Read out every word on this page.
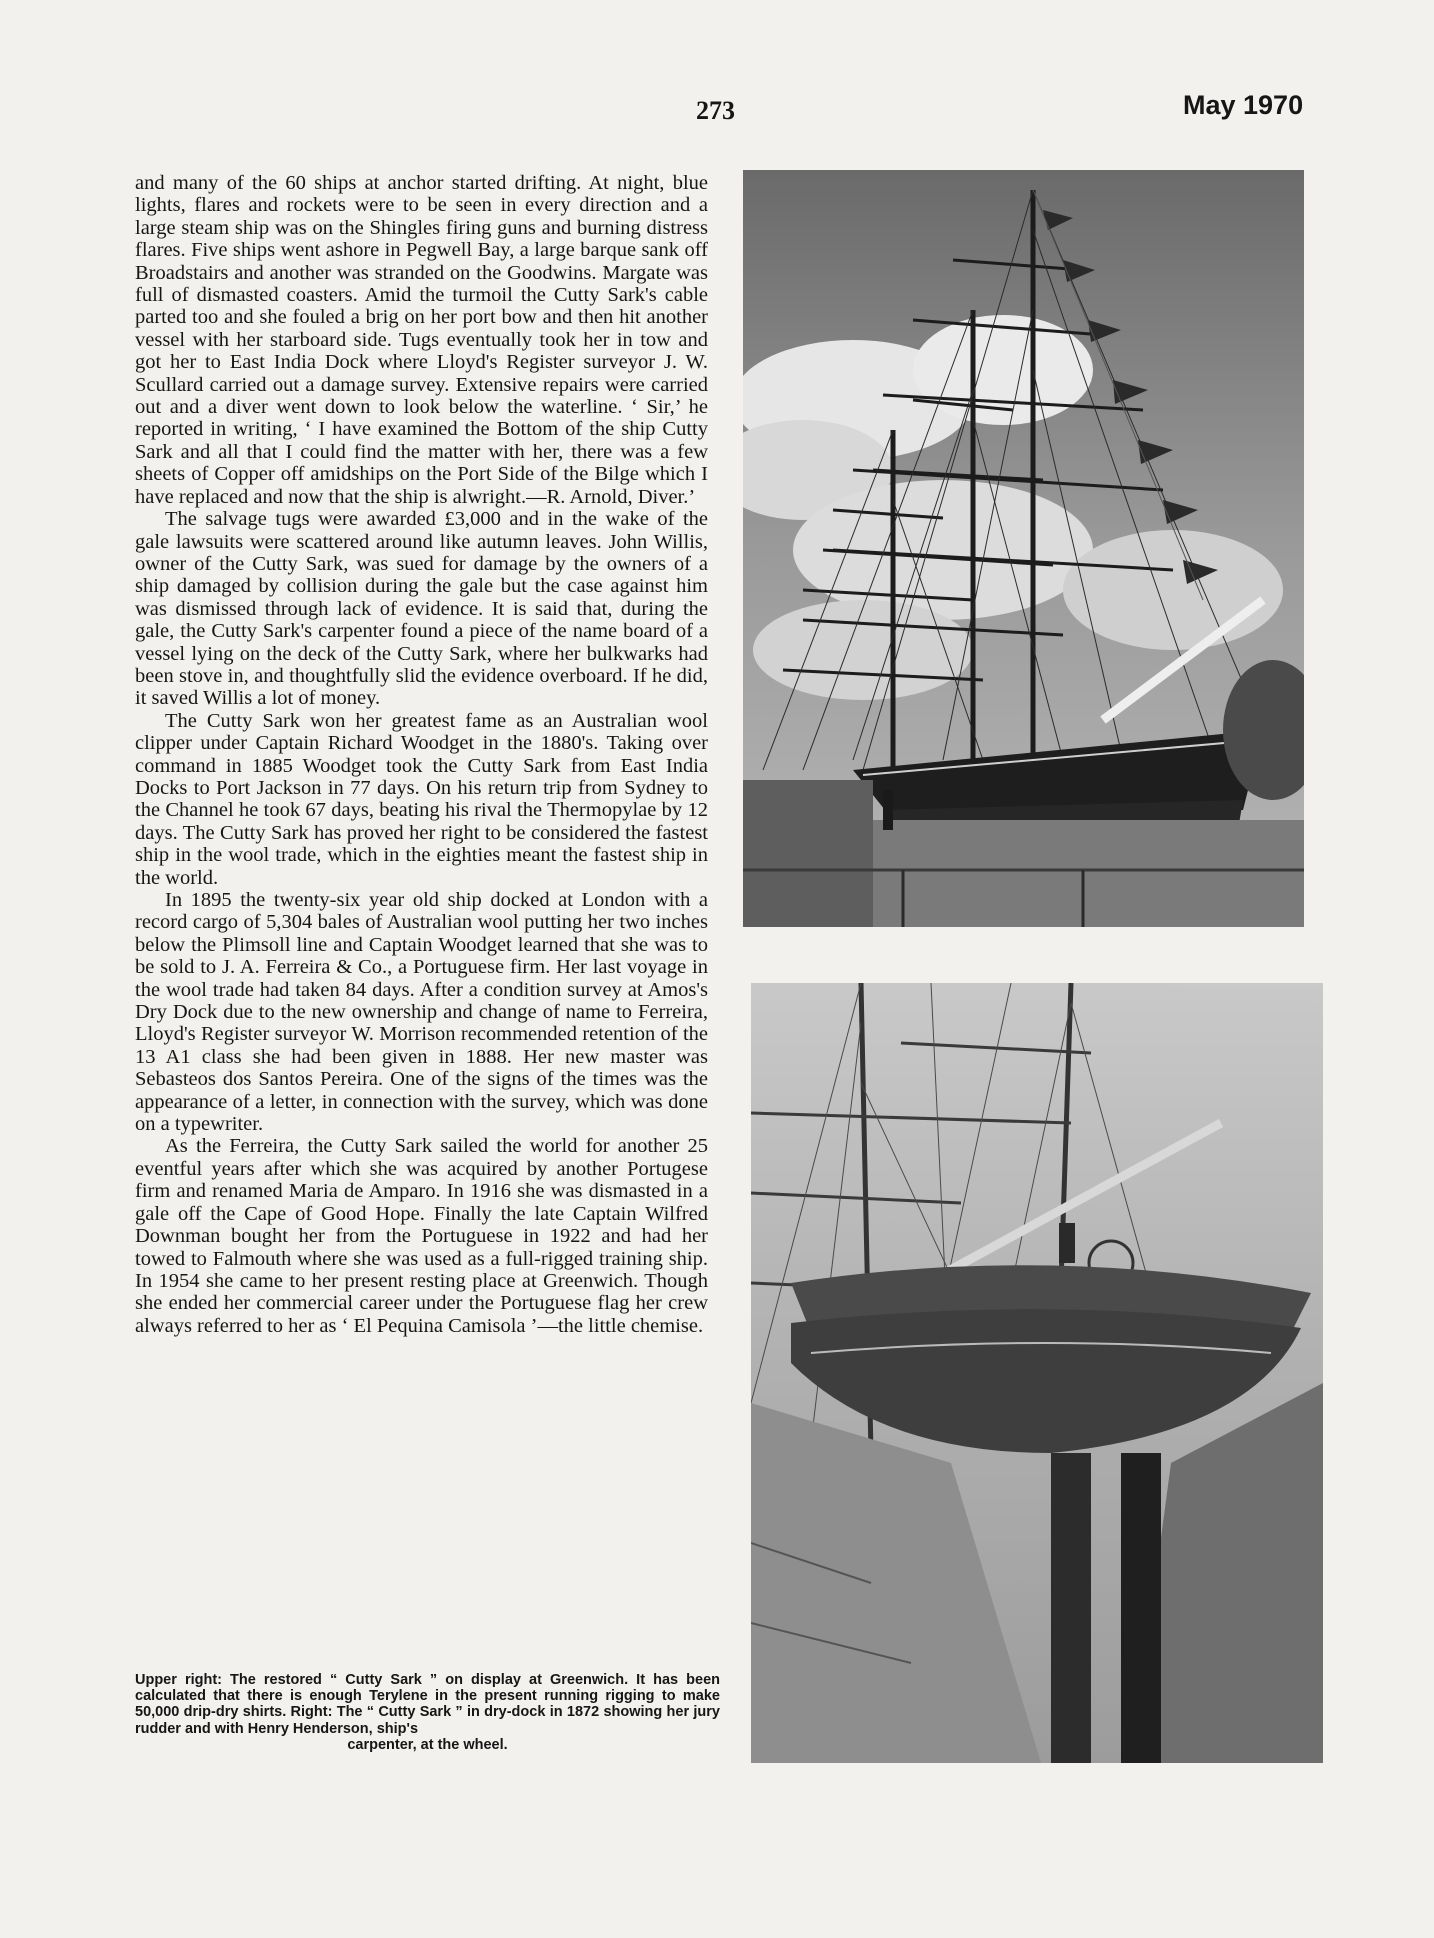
273	May 1970

and many of the 60 ships at anchor started drifting. At night, blue lights, flares and rockets were to be seen in every direction and a large steam ship was on the Shingles firing guns and burning distress flares. Five ships went ashore in Pegwell Bay, a large barque sank off Broadstairs and another was stranded on the Goodwins. Margate was full of dismasted coasters. Amid the turmoil the Cutty Sark's cable parted too and she fouled a brig on her port bow and then hit another vessel with her starboard side. Tugs eventually took her in tow and got her to East India Dock where Lloyd's Register surveyor J. W. Scullard carried out a damage survey. Extensive repairs were carried out and a diver went down to look below the waterline. ‘ Sir,’ he reported in writing, ‘ I have examined the Bottom of the ship Cutty Sark and all that I could find the matter with her, there was a few sheets of Copper off amidships on the Port Side of the Bilge which I have replaced and now that the ship is alwright.—R. Arnold, Diver.’

The salvage tugs were awarded £3,000 and in the wake of the gale lawsuits were scattered around like autumn leaves. John Willis, owner of the Cutty Sark, was sued for damage by the owners of a ship damaged by collision during the gale but the case against him was dismissed through lack of evidence. It is said that, during the gale, the Cutty Sark's carpenter found a piece of the name board of a vessel lying on the deck of the Cutty Sark, where her bulkwarks had been stove in, and thoughtfully slid the evidence overboard. If he did, it saved Willis a lot of money.

The Cutty Sark won her greatest fame as an Australian wool clipper under Captain Richard Woodget in the 1880's. Taking over command in 1885 Woodget took the Cutty Sark from East India Docks to Port Jackson in 77 days. On his return trip from Sydney to the Channel he took 67 days, beating his rival the Thermopylae by 12 days. The Cutty Sark has proved her right to be considered the fastest ship in the wool trade, which in the eighties meant the fastest ship in the world.

In 1895 the twenty-six year old ship docked at London with a record cargo of 5,304 bales of Australian wool putting her two inches below the Plimsoll line and Captain Woodget learned that she was to be sold to J. A. Ferreira & Co., a Portuguese firm. Her last voyage in the wool trade had taken 84 days. After a condition survey at Amos's Dry Dock due to the new ownership and change of name to Ferreira, Lloyd's Register surveyor W. Morrison recommended retention of the 13 A1 class she had been given in 1888. Her new master was Sebasteos dos Santos Pereira. One of the signs of the times was the appearance of a letter, in connection with the survey, which was done on a typewriter.

As the Ferreira, the Cutty Sark sailed the world for another 25 eventful years after which she was acquired by another Portugese firm and renamed Maria de Amparo. In 1916 she was dismasted in a gale off the Cape of Good Hope. Finally the late Captain Wilfred Downman bought her from the Portuguese in 1922 and had her towed to Falmouth where she was used as a full-rigged training ship. In 1954 she came to her present resting place at Greenwich. Though she ended her commercial career under the Portuguese flag her crew always referred to her as ‘ El Pequina Camisola ’—the little chemise.

Upper right: The restored “ Cutty Sark ” on display at Greenwich. It has been calculated that there is enough Terylene in the present running rigging to make 50,000 drip-dry shirts. Right: The “ Cutty Sark ” in dry-dock in 1872 showing her jury rudder and with Henry Henderson, ship's
carpenter, at the wheel.
